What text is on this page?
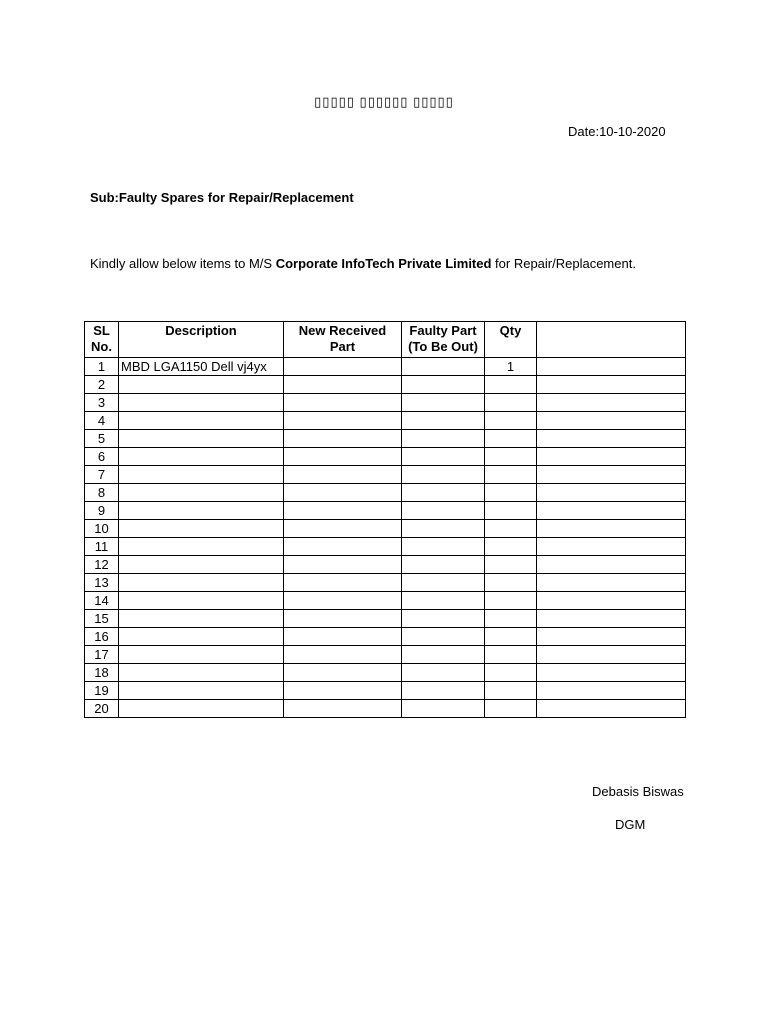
▯▯▯▯▯ ▯▯▯▯▯▯ ▯▯▯▯▯
Date:10-10-2020
Sub:Faulty Spares for Repair/Replacement
Kindly allow below items to M/S Corporate InfoTech Private Limited for Repair/Replacement.
SL No.	Description	New Received Part	Faulty Part (To Be Out)	Qty	
1	MBD LGA1150 Dell vj4yx			1	
2					
3					
4					
5					
6					
7					
8					
9					
10					
11					
12					
13					
14					
15					
16					
17					
18					
19					
20					
Debasis Biswas
DGM
